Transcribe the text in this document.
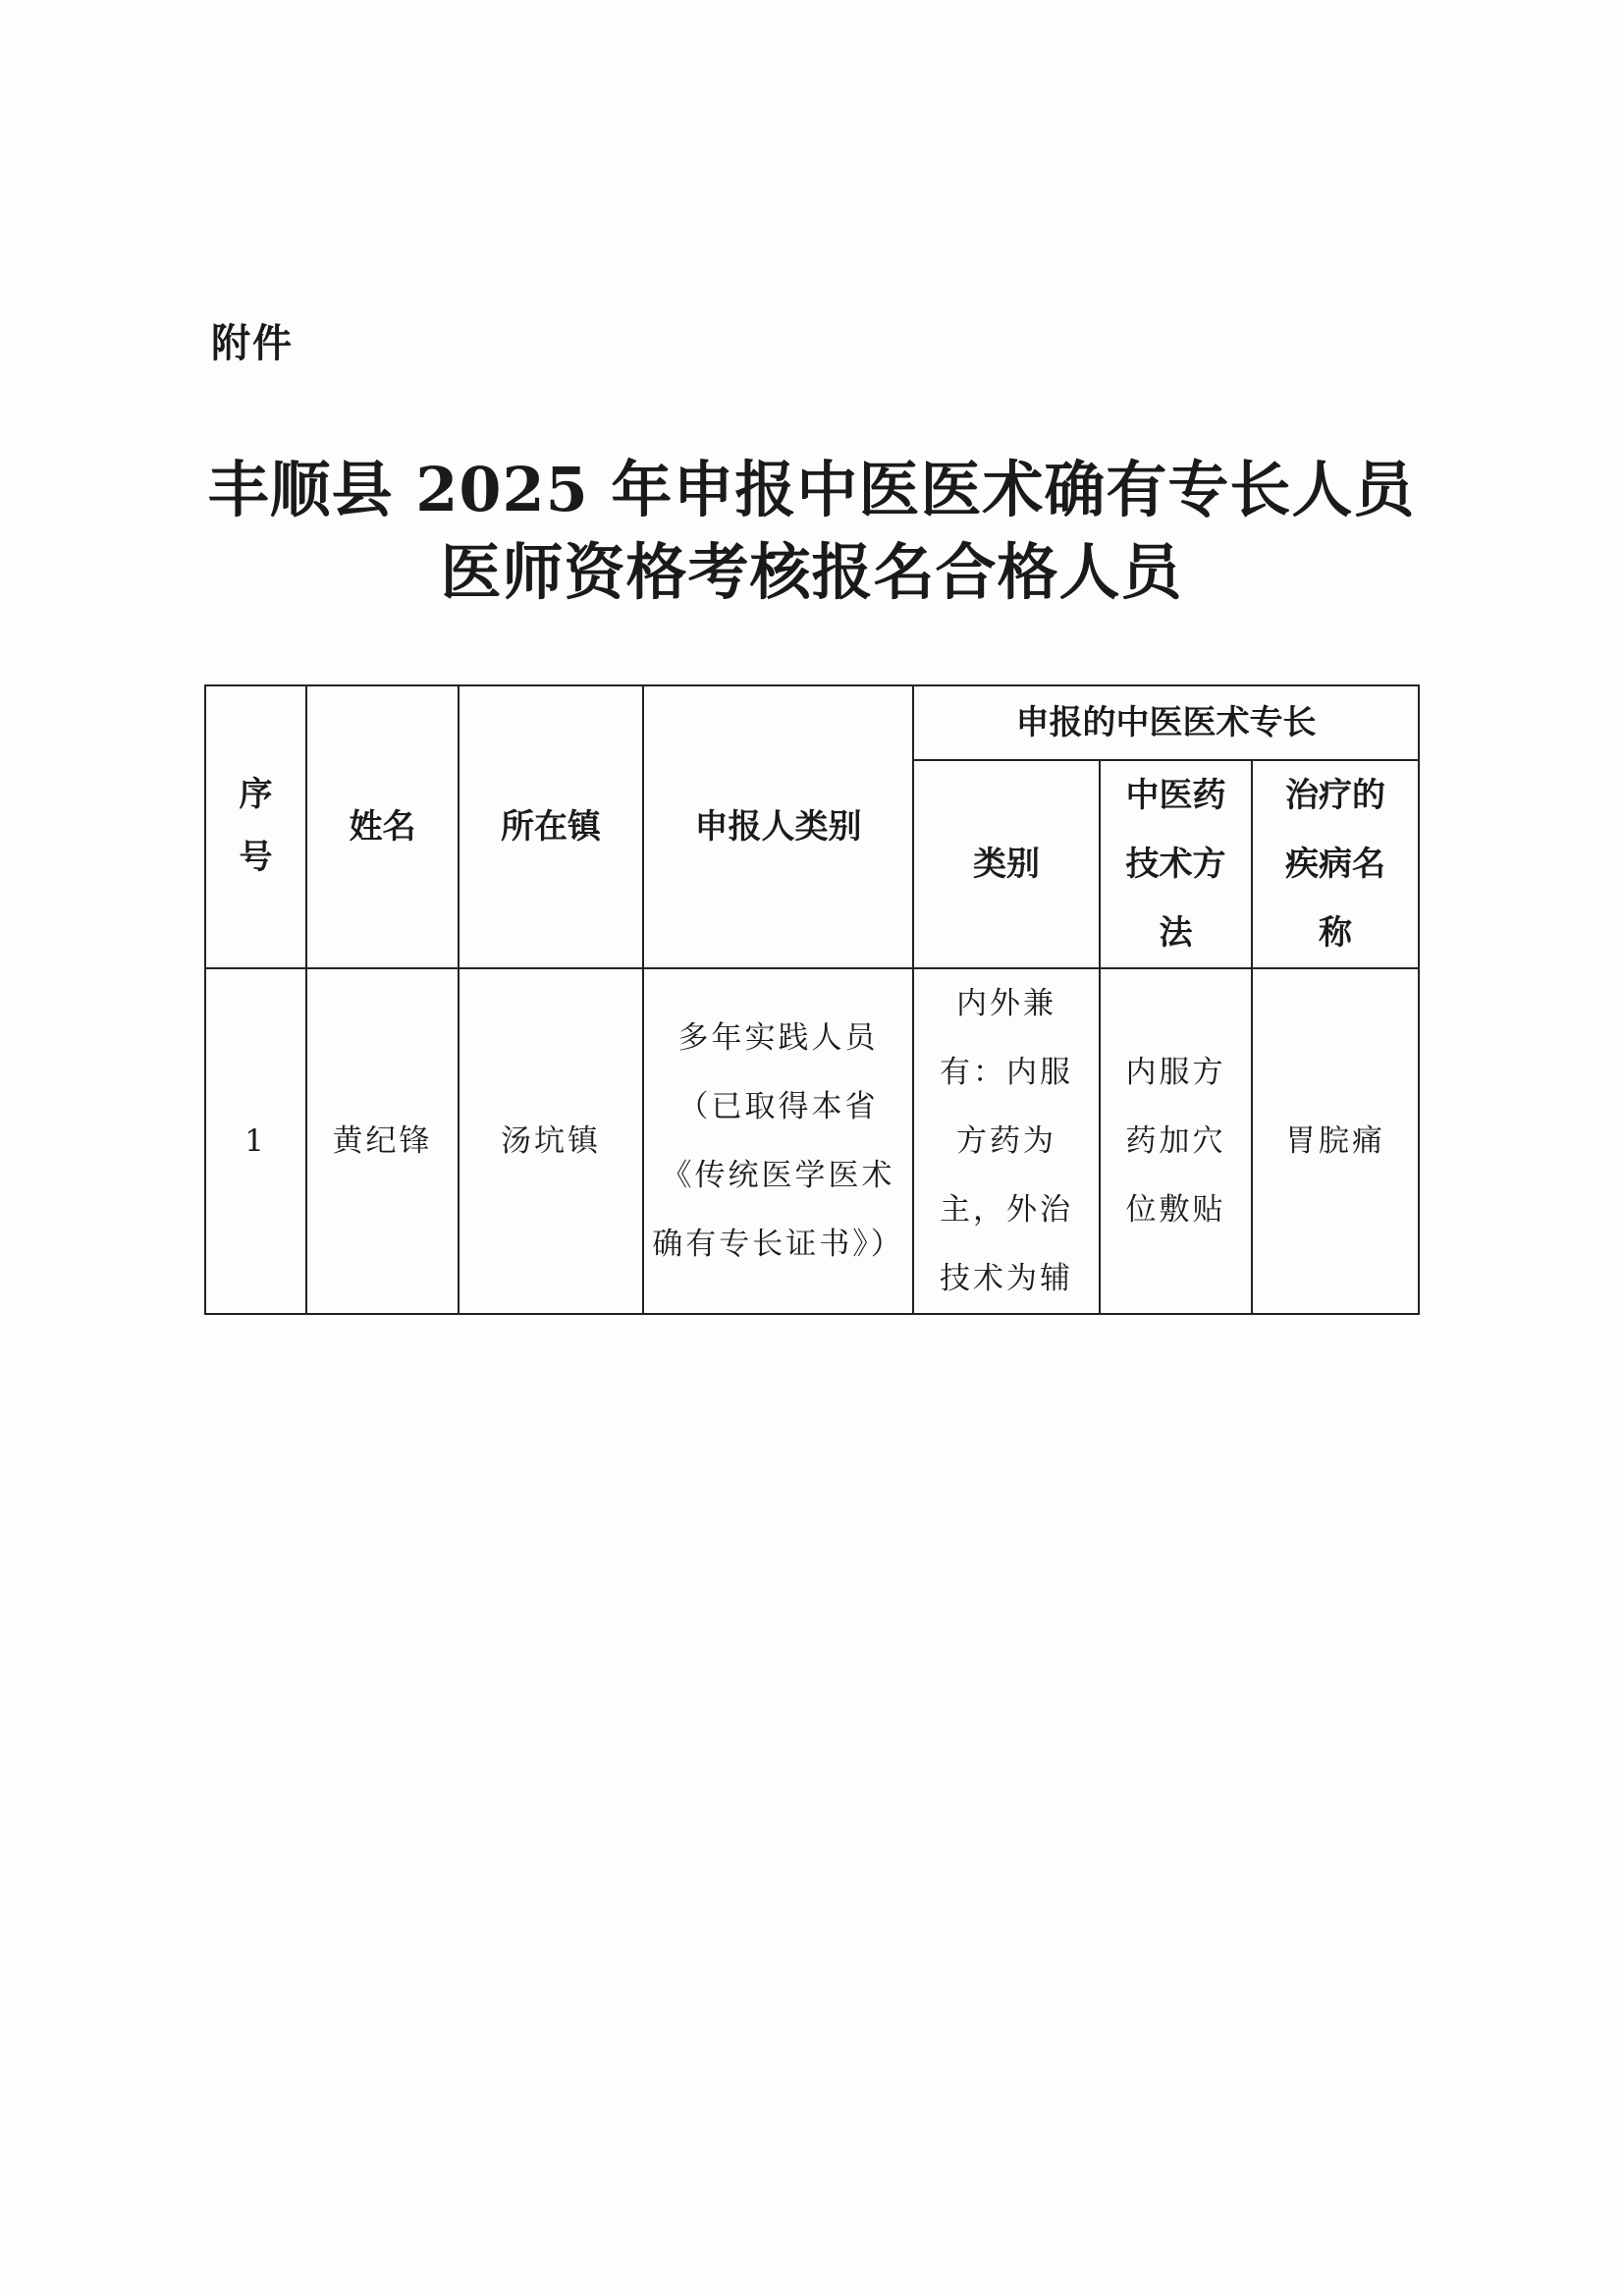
附件
丰顺县 2025 年申报中医医术确有专长人员
医师资格考核报名合格人员
序号	姓名	所在镇	申报人类别	申报的中医医术专长		
				类别	中医药技术方法	治疗的疾病名称
1	黄纪锋	汤坑镇	多年实践人员（已取得本省《传统医学医术确有专长证书》）	内外兼有：内服方药为主，外治技术为辅	内服方药加穴位敷贴	胃脘痛
